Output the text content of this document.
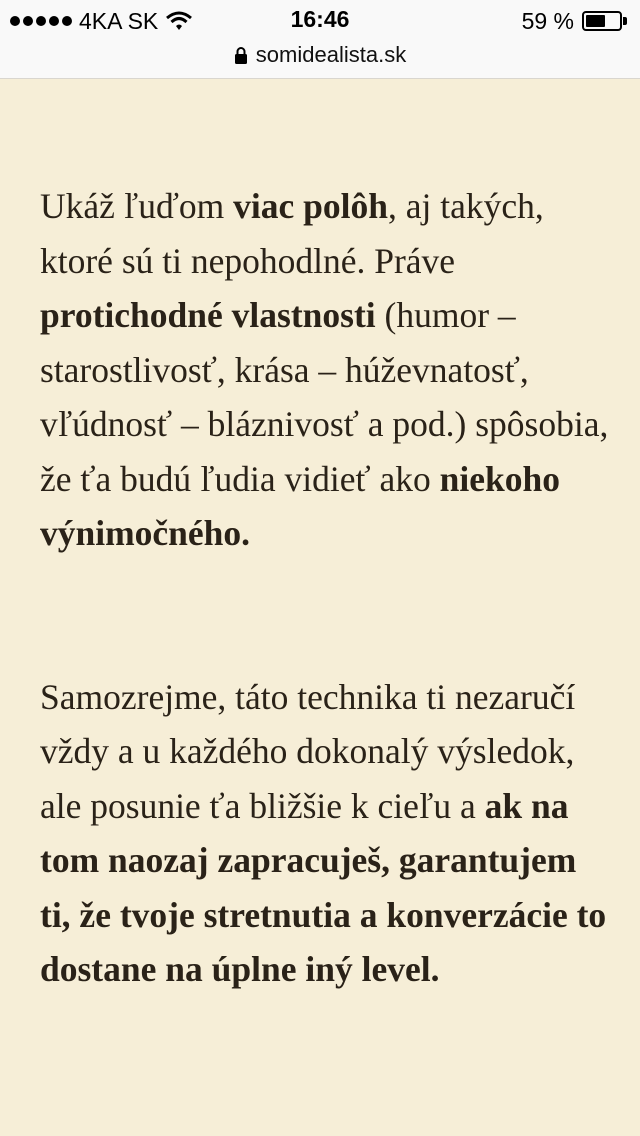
4KA SK	16:46	59 %
somidealista.sk

Ukáž ľuďom viac polôh, aj takých, ktoré sú ti nepohodlné. Práve protichodné vlastnosti (humor – starostlivosť, krása – húževnatosť, vľúdnosť – bláznivosť a pod.) spôsobia, že ťa budú ľudia vidieť ako niekoho výnimočného.

Samozrejme, táto technika ti nezaručí vždy a u každého dokonalý výsledok, ale posunie ťa bližšie k cieľu a ak na tom naozaj zapracuješ, garantujem ti, že tvoje stretnutia a konverzácie to dostane na úplne iný level.
